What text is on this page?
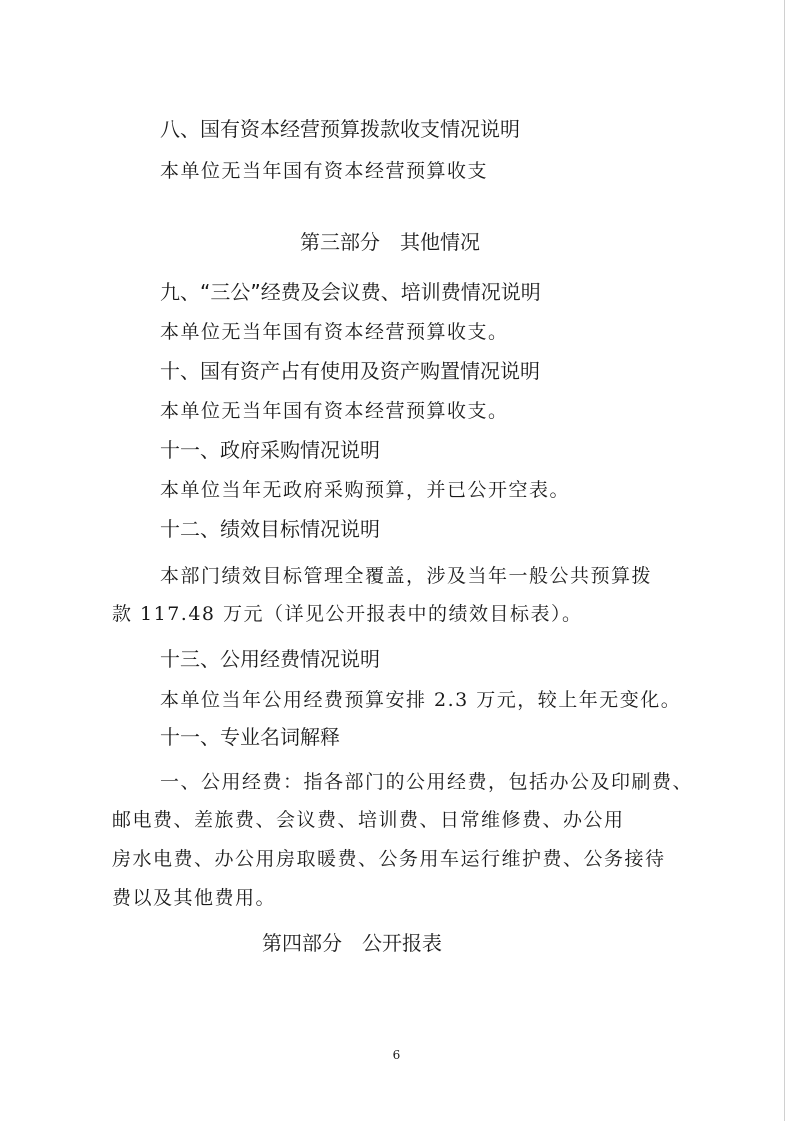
八、国有资本经营预算拨款收支情况说明
本单位无当年国有资本经营预算收支
第三部分　其他情况
九、“三公”经费及会议费、培训费情况说明
本单位无当年国有资本经营预算收支。
十、国有资产占有使用及资产购置情况说明
本单位无当年国有资本经营预算收支。
十一、政府采购情况说明
本单位当年无政府采购预算，并已公开空表。
十二、绩效目标情况说明
本部门绩效目标管理全覆盖，涉及当年一般公共预算拨
款 117.48 万元（详见公开报表中的绩效目标表）。
十三、公用经费情况说明
本单位当年公用经费预算安排 2.3 万元，较上年无变化。
十一、专业名词解释
一、公用经费：指各部门的公用经费，包括办公及印刷费、
邮电费、差旅费、会议费、培训费、日常维修费、办公用
房水电费、办公用房取暖费、公务用车运行维护费、公务接待
费以及其他费用。
第四部分　公开报表
6
